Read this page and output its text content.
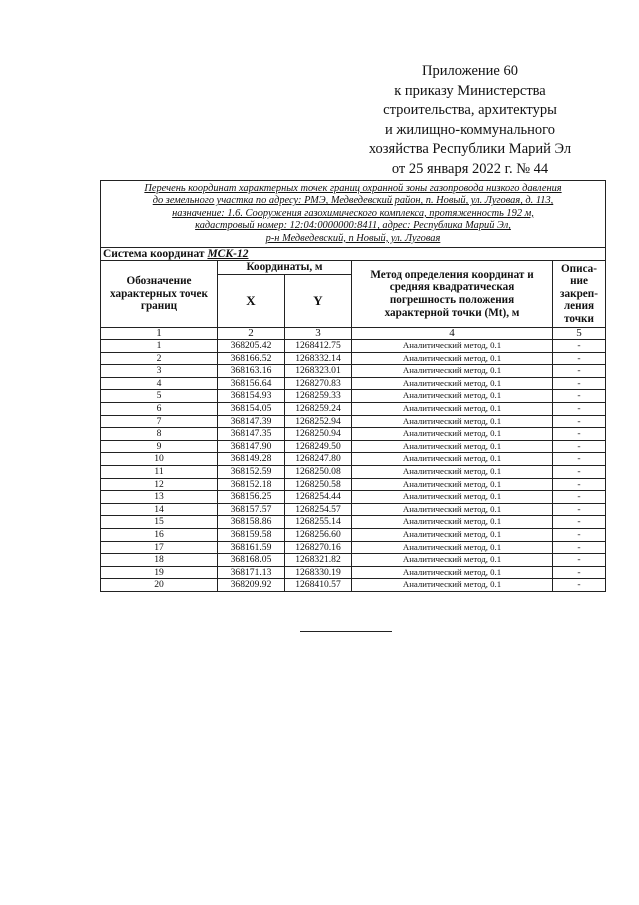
Приложение 60
к приказу Министерства
строительства, архитектуры
и жилищно-коммунального
хозяйства Республики Марий Эл
от 25 января 2022 г. № 44
Перечень координат характерных точек границ охранной зоны газопровода низкого давления
до земельного участка по адресу: РМЭ, Медведевский район, п. Новый, ул. Луговая, д. 113,
назначение: 1.6. Сооружения газохимического комплекса, протяженность 192 м,
кадастровый номер: 12:04:0000000:8411, адрес: Республика Марий Эл,
р-н Медведевский, п Новый, ул. Луговая				

Система координат МСК-12				
Обозначение характерных точек границ	Координаты, м		Метод определения координат и средняя квадратическая погрешность положения характерной точки (Mt), м	Описа-
ние
закреп-
ления
точки

	X	Y		
1	2	3	4	5
1	368205.42	1268412.75	Аналитический метод, 0.1	-
2	368166.52	1268332.14	Аналитический метод, 0.1	-
3	368163.16	1268323.01	Аналитический метод, 0.1	-
4	368156.64	1268270.83	Аналитический метод, 0.1	-
5	368154.93	1268259.33	Аналитический метод, 0.1	-
6	368154.05	1268259.24	Аналитический метод, 0.1	-
7	368147.39	1268252.94	Аналитический метод, 0.1	-
8	368147.35	1268250.94	Аналитический метод, 0.1	-
9	368147.90	1268249.50	Аналитический метод, 0.1	-
10	368149.28	1268247.80	Аналитический метод, 0.1	-
11	368152.59	1268250.08	Аналитический метод, 0.1	-
12	368152.18	1268250.58	Аналитический метод, 0.1	-
13	368156.25	1268254.44	Аналитический метод, 0.1	-
14	368157.57	1268254.57	Аналитический метод, 0.1	-
15	368158.86	1268255.14	Аналитический метод, 0.1	-
16	368159.58	1268256.60	Аналитический метод, 0.1	-
17	368161.59	1268270.16	Аналитический метод, 0.1	-
18	368168.05	1268321.82	Аналитический метод, 0.1	-
19	368171.13	1268330.19	Аналитический метод, 0.1	-
20	368209.92	1268410.57	Аналитический метод, 0.1	-
